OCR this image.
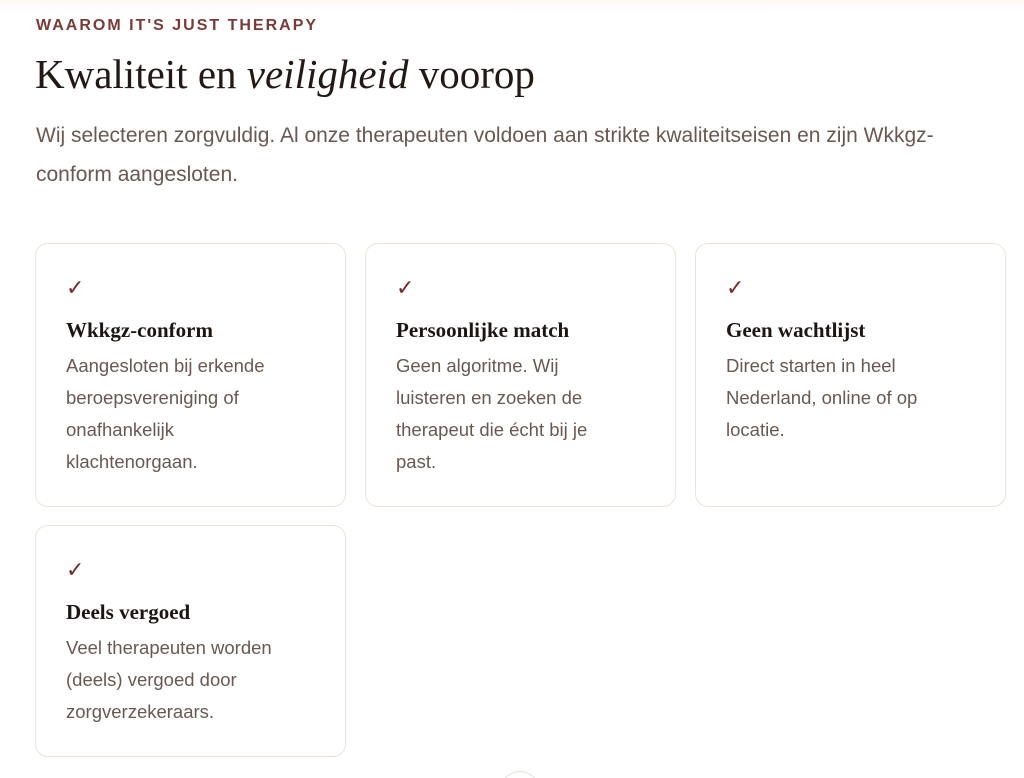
WAAROM IT'S JUST THERAPY
Kwaliteit en veiligheid voorop

Wij selecteren zorgvuldig. Al onze therapeuten voldoen aan strikte kwaliteitseisen en zijn Wkkgz-conform aangesloten.

✓
Wkkgz-conform

Aangesloten bij erkende
beroepsvereniging of
onafhankelijk
klachtenorgaan.

✓
Persoonlijke match

Geen algoritme. Wij
luisteren en zoeken de
therapeut die écht bij je
past.

✓
Geen wachtlijst

Direct starten in heel
Nederland, online of op
locatie.

✓
Deels vergoed

Veel therapeuten worden
(deels) vergoed door
zorgverzekeraars.
